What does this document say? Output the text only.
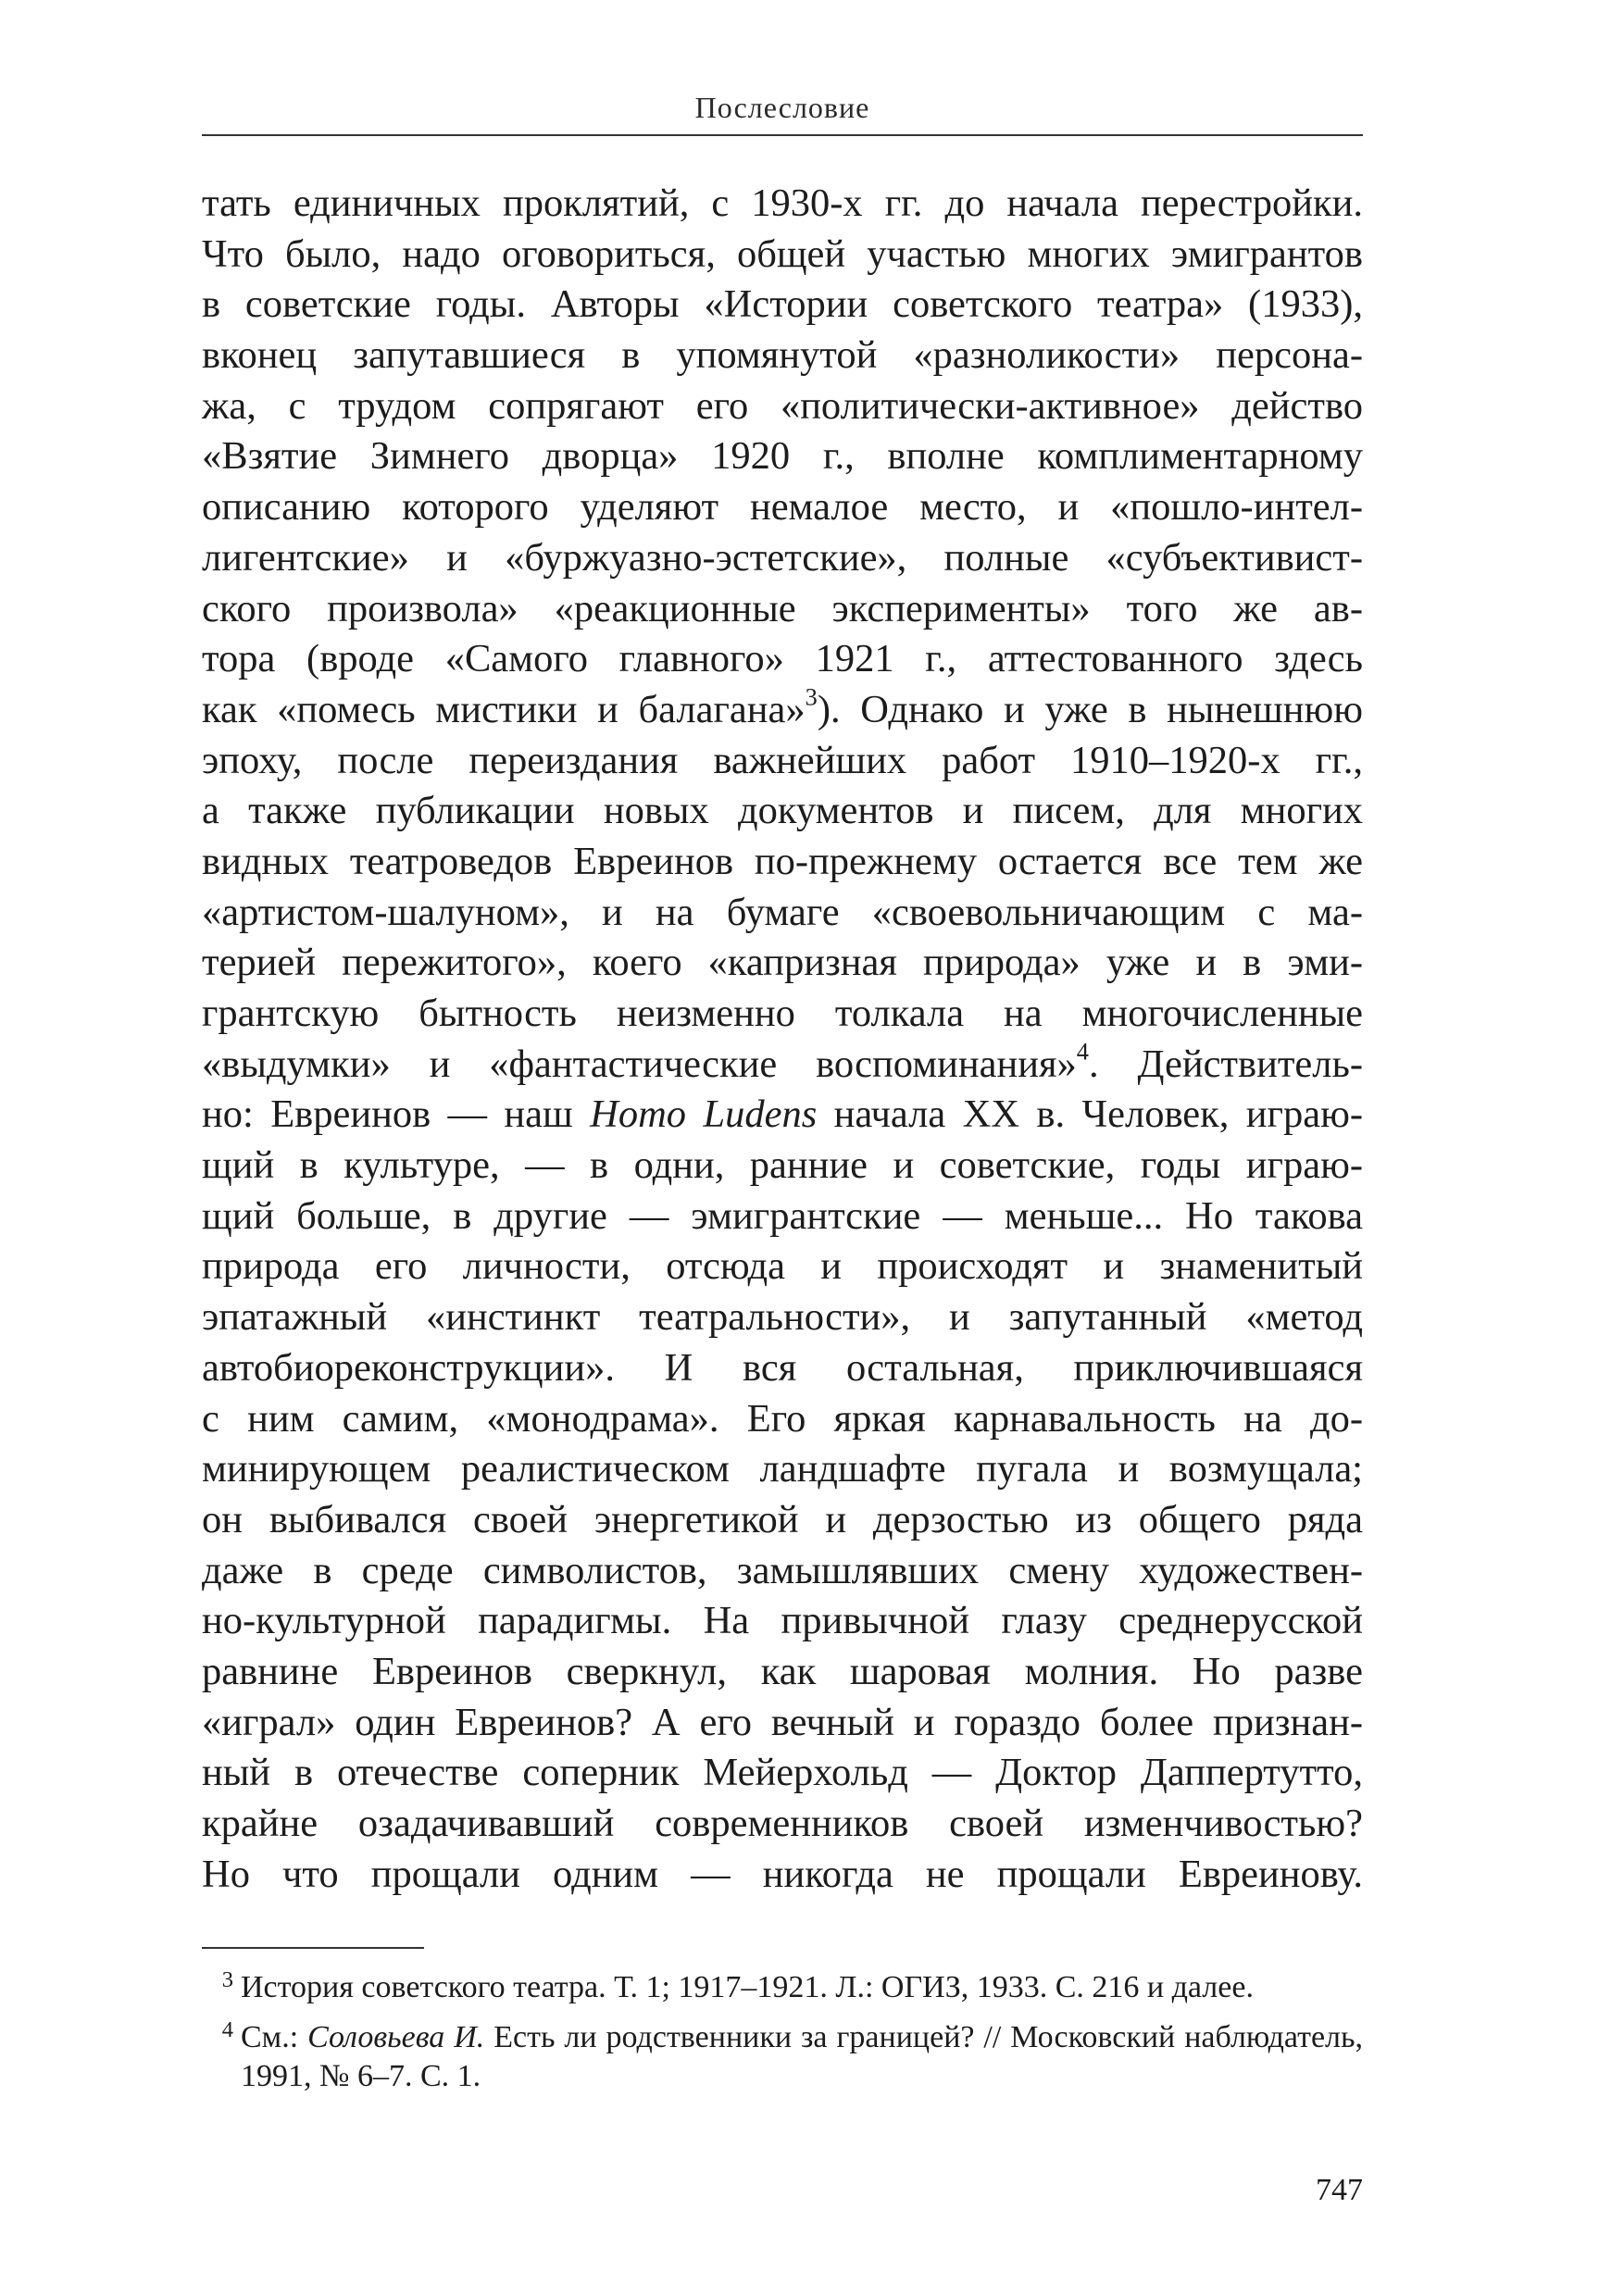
Послесловие
тать единичных проклятий, с 1930-х гг. до начала перестройки.
Что было, надо оговориться, общей участью многих эмигрантов
в советские годы. Авторы «Истории советского театра» (1933),
вконец запутавшиеся в упомянутой «разноликости» персона-
жа, с трудом сопрягают его «политически-активное» действо
«Взятие Зимнего дворца» 1920 г., вполне комплиментарному
описанию которого уделяют немалое место, и «пошло-интел-
лигентские» и «буржуазно-эстетские», полные «субъективист-
ского произвола» «реакционные эксперименты» того же ав-
тора (вроде «Самого главного» 1921 г., аттестованного здесь
как «помесь мистики и балагана»$^3$). Однако и уже в нынешнюю
эпоху, после переиздания важнейших работ 1910–1920-х гг.,
а также публикации новых документов и писем, для многих
видных театроведов Евреинов по-прежнему остается все тем же
«артистом-шалуном», и на бумаге «своевольничающим с ма-
терией пережитого», коего «капризная природа» уже и в эми-
грантскую бытность неизменно толкала на многочисленные
«выдумки» и «фантастические воспоминания»$^4$. Действитель-
но: Евреинов — наш Homo Ludens начала XX в. Человек, играю-
щий в культуре, — в одни, ранние и советские, годы играю-
щий больше, в другие — эмигрантские — меньше... Но такова
природа его личности, отсюда и происходят и знаменитый
эпатажный «инстинкт театральности», и запутанный «метод
автобиореконструкции». И вся остальная, приключившаяся
с ним самим, «монодрама». Его яркая карнавальность на до-
минирующем реалистическом ландшафте пугала и возмущала;
он выбивался своей энергетикой и дерзостью из общего ряда
даже в среде символистов, замышлявших смену художествен-
но-культурной парадигмы. На привычной глазу среднерусской
равнине Евреинов сверкнул, как шаровая молния. Но разве
«играл» один Евреинов? А его вечный и гораздо более признан-
ный в отечестве соперник Мейерхольд — Доктор Даппертутто,
крайне озадачивавший современников своей изменчивостью?
Но что прощали одним — никогда не прощали Евреинову.

3 История советского театра. Т. 1; 1917–1921. Л.: ОГИЗ, 1933. С. 216 и далее.

4 См.: Соловьева И. Есть ли родственники за границей? // Московский наблюдатель, 1991, № 6–7. С. 1.

747
